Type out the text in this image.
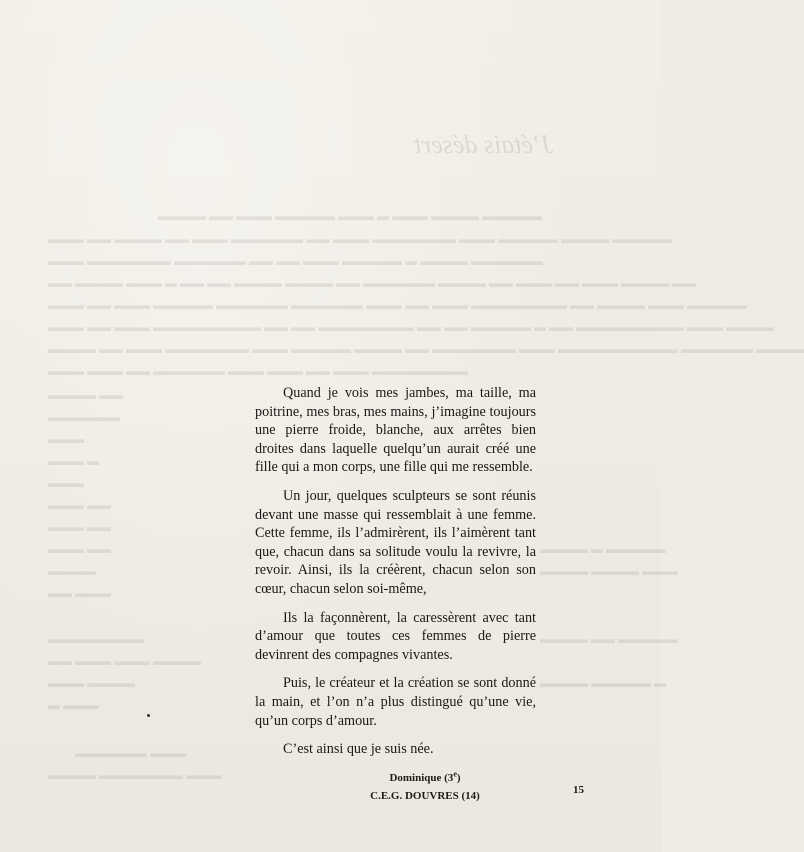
J’étais désert
▬▬▬▬ ▬▬ ▬▬▬ ▬▬▬▬▬ ▬▬▬ ▬ ▬▬▬ ▬▬▬▬ ▬▬▬▬▬
▬▬▬ ▬▬ ▬▬▬▬ ▬▬ ▬▬▬ ▬▬▬▬▬▬ ▬▬ ▬▬▬ ▬▬▬▬▬▬▬ ▬▬▬ ▬▬▬▬▬ ▬▬▬▬ ▬▬▬▬▬
▬▬▬ ▬▬▬▬▬▬▬ ▬▬▬▬▬▬ ▬▬ ▬▬ ▬▬▬ ▬▬▬▬▬ ▬ ▬▬▬▬ ▬▬▬▬▬▬
▬▬ ▬▬▬▬ ▬▬▬ ▬ ▬▬ ▬▬ ▬▬▬▬ ▬▬▬▬ ▬▬ ▬▬▬▬▬▬ ▬▬▬▬ ▬▬ ▬▬▬ ▬▬ ▬▬▬ ▬▬▬▬ ▬▬
▬▬▬ ▬▬ ▬▬▬ ▬▬▬▬▬ ▬▬▬▬▬▬ ▬▬▬▬▬▬ ▬▬▬ ▬▬ ▬▬▬ ▬▬▬▬▬▬▬▬ ▬▬ ▬▬▬▬ ▬▬▬ ▬▬▬▬▬
▬▬▬ ▬▬ ▬▬▬ ▬▬▬▬▬▬▬▬▬ ▬▬ ▬▬ ▬▬▬▬▬▬▬▬ ▬▬ ▬▬ ▬▬▬▬▬ ▬ ▬▬ ▬▬▬▬▬▬▬▬▬ ▬▬▬ ▬▬▬▬
▬▬▬▬ ▬▬ ▬▬▬ ▬▬▬▬▬▬▬ ▬▬▬ ▬▬▬▬▬ ▬▬▬▬ ▬▬ ▬▬▬▬▬▬▬ ▬▬▬ ▬▬▬▬▬▬▬▬▬▬ ▬▬▬▬▬▬ ▬▬▬▬
▬▬▬ ▬▬▬ ▬▬ ▬▬▬▬▬▬ ▬▬▬ ▬▬▬ ▬▬ ▬▬▬ ▬▬▬▬▬▬▬▬
▬▬▬▬ ▬▬
▬▬▬▬▬▬
▬▬▬
▬▬▬ ▬
▬▬▬
▬▬▬ ▬▬
▬▬▬ ▬▬
▬▬▬ ▬▬	▬▬▬▬ ▬ ▬▬▬▬▬
▬▬▬▬	▬▬▬▬ ▬▬▬▬ ▬▬▬
▬▬ ▬▬▬
▬▬▬▬▬▬▬▬	▬▬▬▬ ▬▬ ▬▬▬▬▬
▬▬ ▬▬▬ ▬▬▬ ▬▬▬▬
▬▬▬ ▬▬▬▬	▬▬▬▬ ▬▬▬▬▬ ▬
▬ ▬▬▬
▬▬▬▬▬▬ ▬▬▬
▬▬▬▬ ▬▬▬▬▬▬▬ ▬▬▬

Quand je vois mes jambes, ma taille, ma poitrine, mes bras, mes mains, j’imagine toujours une pierre froide, blanche, aux arrêtes bien droites dans laquelle quelqu’un aurait créé une fille qui a mon corps, une fille qui me ressemble.

Un jour, quelques sculpteurs se sont réunis devant une masse qui ressemblait à une femme. Cette femme, ils l’admirèrent, ils l’aimèrent tant que, chacun dans sa solitude voulu la revivre, la revoir. Ainsi, ils la créèrent, chacun selon son cœur, chacun selon soi-même,

Ils la façonnèrent, la caressèrent avec tant d’amour que toutes ces femmes de pierre devinrent des compagnes vivantes.

Puis, le créateur et la création se sont donné la main, et l’on n’a plus distingué qu’une vie, qu’un corps d’amour.

C’est ainsi que je suis née.

Dominique (3e)
C.E.G. DOUVRES (14)	15
